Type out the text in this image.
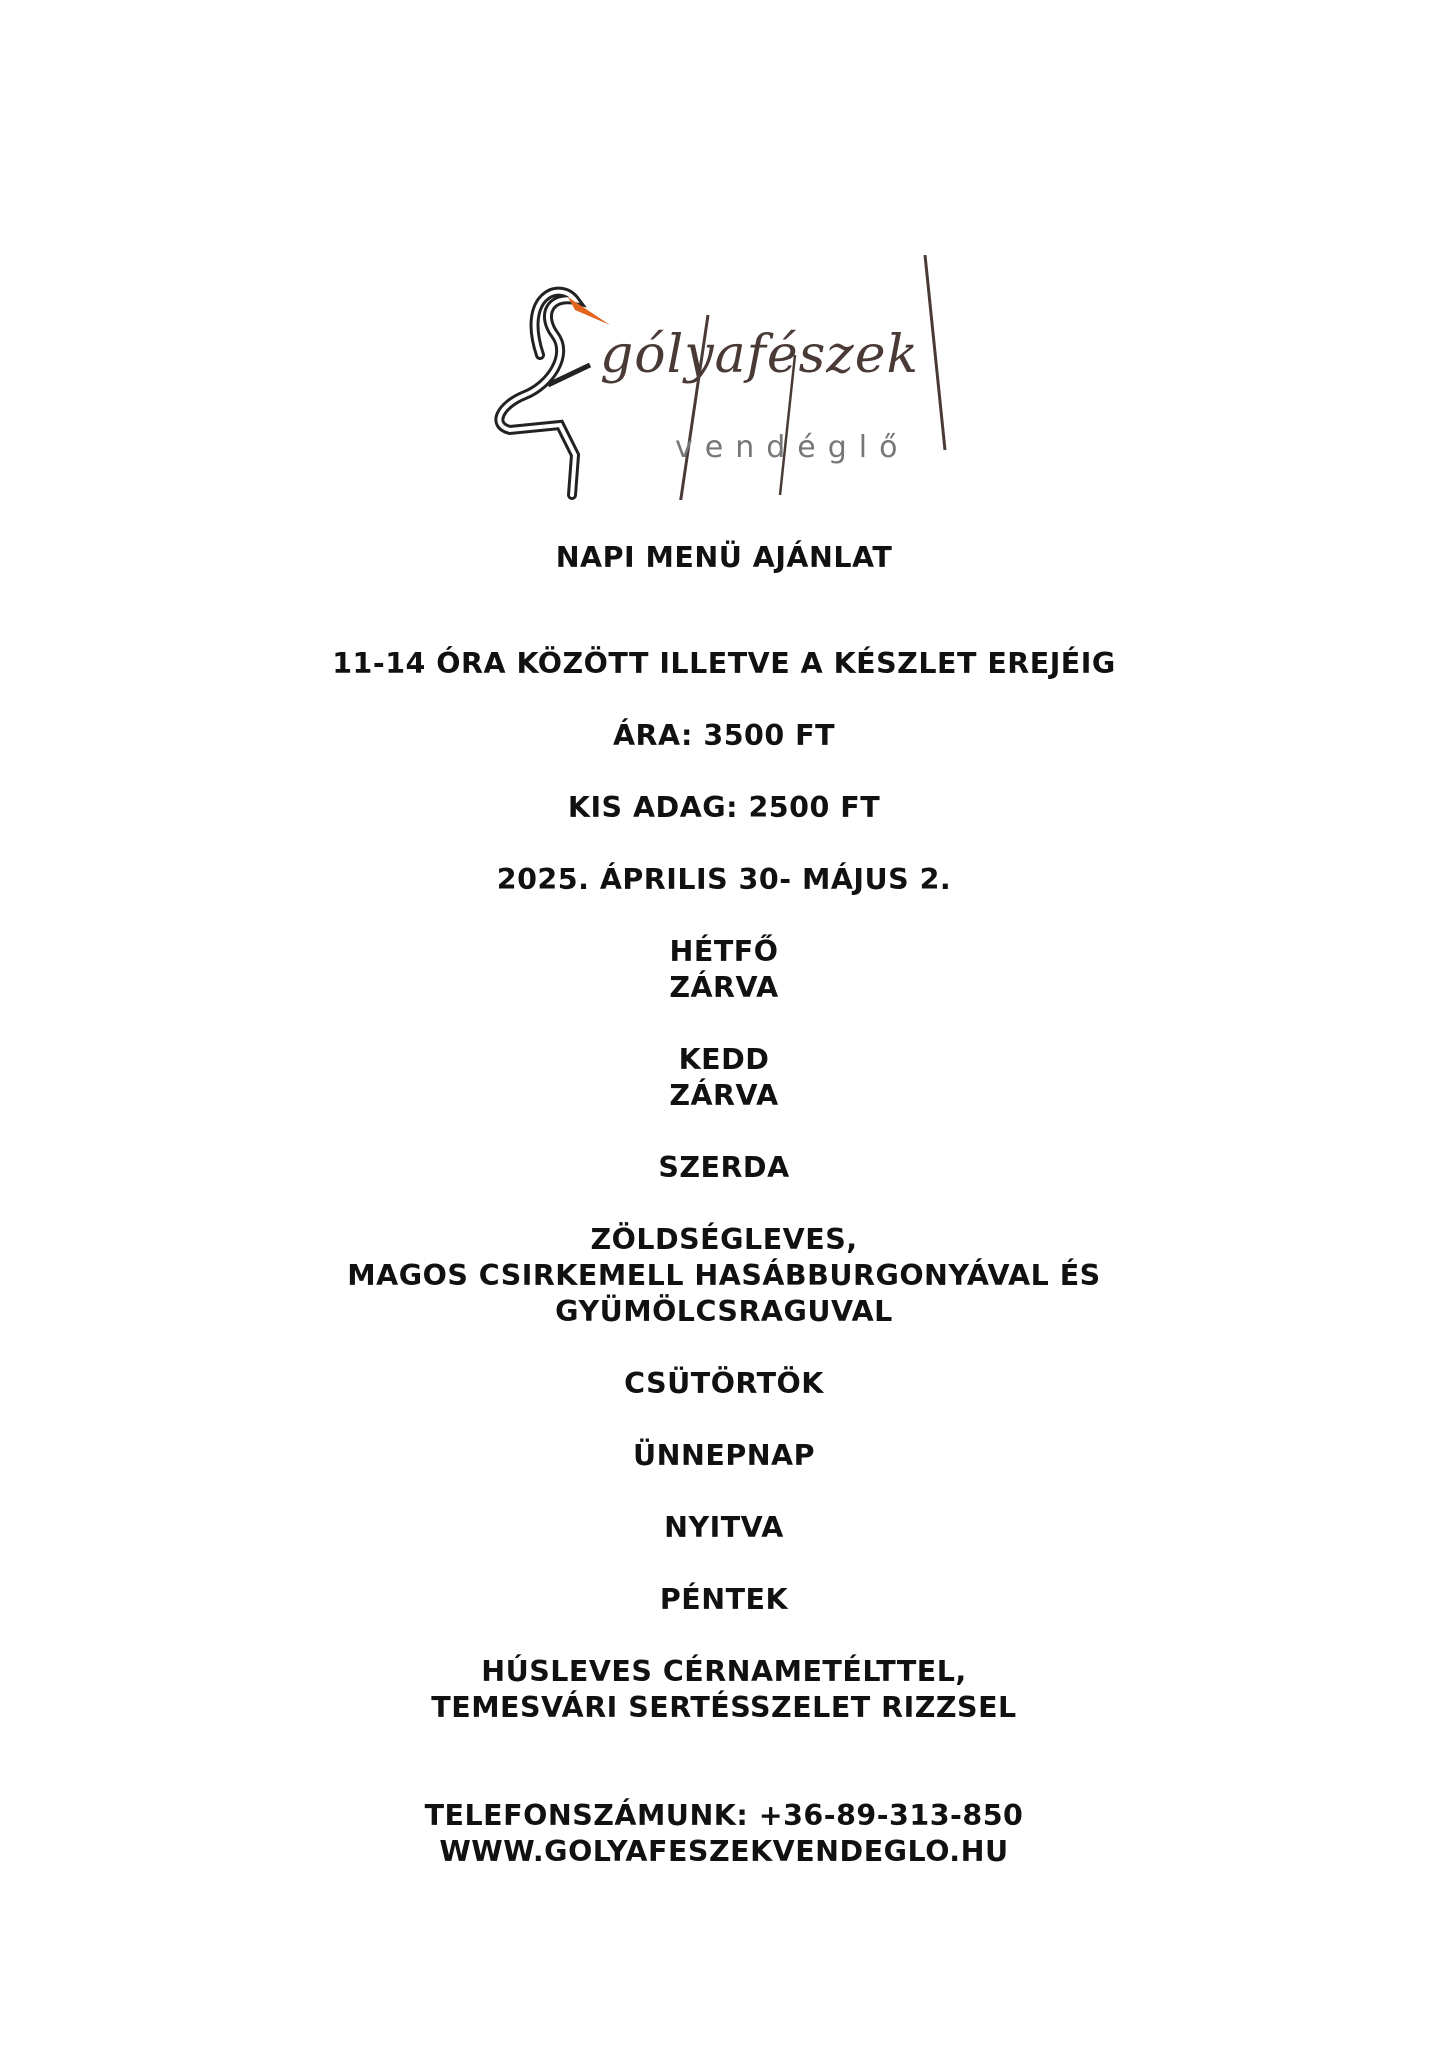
gólyafészek
vendéglő
NAPI MENÜ AJÁNLAT
11-14 ÓRA KÖZÖTT ILLETVE A KÉSZLET EREJÉIG
ÁRA: 3500 FT
KIS ADAG: 2500 FT
2025. ÁPRILIS 30- MÁJUS 2.
HÉTFŐ
ZÁRVA
KEDD
ZÁRVA
SZERDA
ZÖLDSÉGLEVES,
MAGOS CSIRKEMELL HASÁBBURGONYÁVAL ÉS
GYÜMÖLCSRAGUVAL
CSÜTÖRTÖK
ÜNNEPNAP
NYITVA
PÉNTEK
HÚSLEVES CÉRNAMETÉLTTEL,
TEMESVÁRI SERTÉSSZELET RIZZSEL
TELEFONSZÁMUNK: +36-89-313-850
WWW.GOLYAFESZEKVENDEGLO.HU
